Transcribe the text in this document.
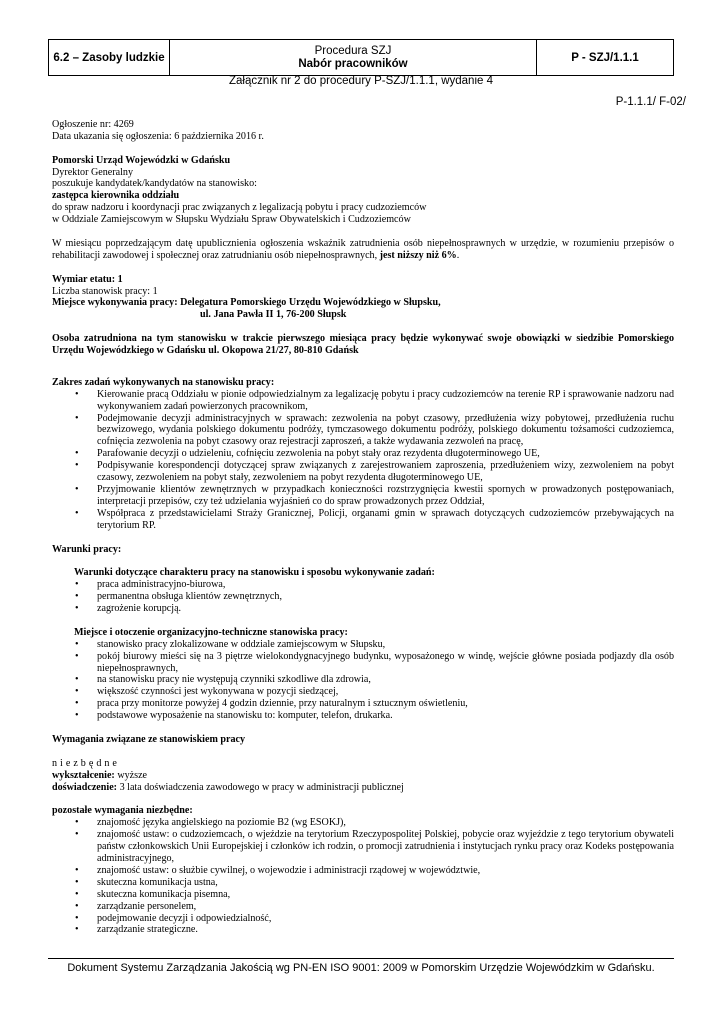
6.2 – Zasoby ludzkie
Procedura SZJ
Nabór pracowników	P - SZJ/1.1.1
Załącznik nr 2 do procedury P-SZJ/1.1.1, wydanie 4
P-1.1.1/ F-02/

Ogłoszenie nr: 4269

Data ukazania się ogłoszenia: 6 października 2016 r.

Pomorski Urząd Wojewódzki w Gdańsku

Dyrektor Generalny

poszukuje kandydatek/kandydatów na stanowisko:

zastępca kierownika oddziału

do spraw nadzoru i koordynacji prac związanych z legalizacją pobytu i pracy cudzoziemców

w Oddziale Zamiejscowym w Słupsku Wydziału Spraw Obywatelskich i Cudzoziemców

W miesiącu poprzedzającym datę upublicznienia ogłoszenia wskaźnik zatrudnienia osób niepełnosprawnych w urzędzie, w rozumieniu przepisów o rehabilitacji zawodowej i społecznej oraz zatrudnianiu osób niepełnosprawnych, jest niższy niż 6%.

Wymiar etatu: 1

Liczba stanowisk pracy: 1

Miejsce wykonywania pracy: Delegatura Pomorskiego Urzędu Wojewódzkiego w Słupsku,

ul. Jana Pawła II 1, 76-200 Słupsk

Osoba zatrudniona na tym stanowisku w trakcie pierwszego miesiąca pracy będzie wykonywać swoje obowiązki w siedzibie Pomorskiego Urzędu Wojewódzkiego w Gdańsku ul. Okopowa 21/27, 80-810 Gdańsk

Zakres zadań wykonywanych na stanowisku pracy:

• Kierowanie pracą Oddziału w pionie odpowiedzialnym za legalizację pobytu i pracy cudzoziemców na terenie RP i sprawowanie nadzoru nad wykonywaniem zadań powierzonych pracownikom,
• Podejmowanie decyzji administracyjnych w sprawach: zezwolenia na pobyt czasowy, przedłużenia wizy pobytowej, przedłużenia ruchu bezwizowego, wydania polskiego dokumentu podróży, tymczasowego dokumentu podróży, polskiego dokumentu tożsamości cudzoziemca, cofnięcia zezwolenia na pobyt czasowy oraz rejestracji zaproszeń, a także wydawania zezwoleń na pracę,
• Parafowanie decyzji o udzieleniu, cofnięciu zezwolenia na pobyt stały oraz rezydenta długoterminowego UE,
• Podpisywanie korespondencji dotyczącej spraw związanych z zarejestrowaniem zaproszenia, przedłużeniem wizy, zezwoleniem na pobyt czasowy, zezwoleniem na pobyt stały, zezwoleniem na pobyt rezydenta długoterminowego UE,
• Przyjmowanie klientów zewnętrznych w przypadkach konieczności rozstrzygnięcia kwestii spornych w prowadzonych postępowaniach, interpretacji przepisów, czy też udzielania wyjaśnień co do spraw prowadzonych przez Oddział,
• Współpraca z przedstawicielami Straży Granicznej, Policji, organami gmin w sprawach dotyczących cudzoziemców przebywających na terytorium RP.

Warunki pracy:

Warunki dotyczące charakteru pracy na stanowisku i sposobu wykonywanie zadań:

• praca administracyjno-biurowa,
• permanentna obsługa klientów zewnętrznych,
• zagrożenie korupcją.

Miejsce i otoczenie organizacyjno-techniczne stanowiska pracy:

• stanowisko pracy zlokalizowane w oddziale zamiejscowym w Słupsku,
• pokój biurowy mieści się na 3 piętrze wielokondygnacyjnego budynku, wyposażonego w windę, wejście główne posiada podjazdy dla osób niepełnosprawnych,
• na stanowisku pracy nie występują czynniki szkodliwe dla zdrowia,
• większość czynności jest wykonywana w pozycji siedzącej,
• praca przy monitorze powyżej 4 godzin dziennie, przy naturalnym i sztucznym oświetleniu,
• podstawowe wyposażenie na stanowisku to: komputer, telefon, drukarka.

Wymagania związane ze stanowiskiem pracy

niezbędne

wykształcenie: wyższe

doświadczenie: 3 lata doświadczenia zawodowego w pracy w administracji publicznej

pozostałe wymagania niezbędne:

• znajomość języka angielskiego na poziomie B2 (wg ESOKJ),
• znajomość ustaw: o cudzoziemcach, o wjeździe na terytorium Rzeczypospolitej Polskiej, pobycie oraz wyjeździe z tego terytorium obywateli państw członkowskich Unii Europejskiej i członków ich rodzin, o promocji zatrudnienia i instytucjach rynku pracy oraz Kodeks postępowania administracyjnego,
• znajomość ustaw: o służbie cywilnej, o wojewodzie i administracji rządowej w województwie,
• skuteczna komunikacja ustna,
• skuteczna komunikacja pisemna,
• zarządzanie personelem,
• podejmowanie decyzji i odpowiedzialność,
• zarządzanie strategiczne.
Dokument Systemu Zarządzania Jakością wg PN-EN ISO 9001: 2009 w Pomorskim Urzędzie Wojewódzkim w Gdańsku.
